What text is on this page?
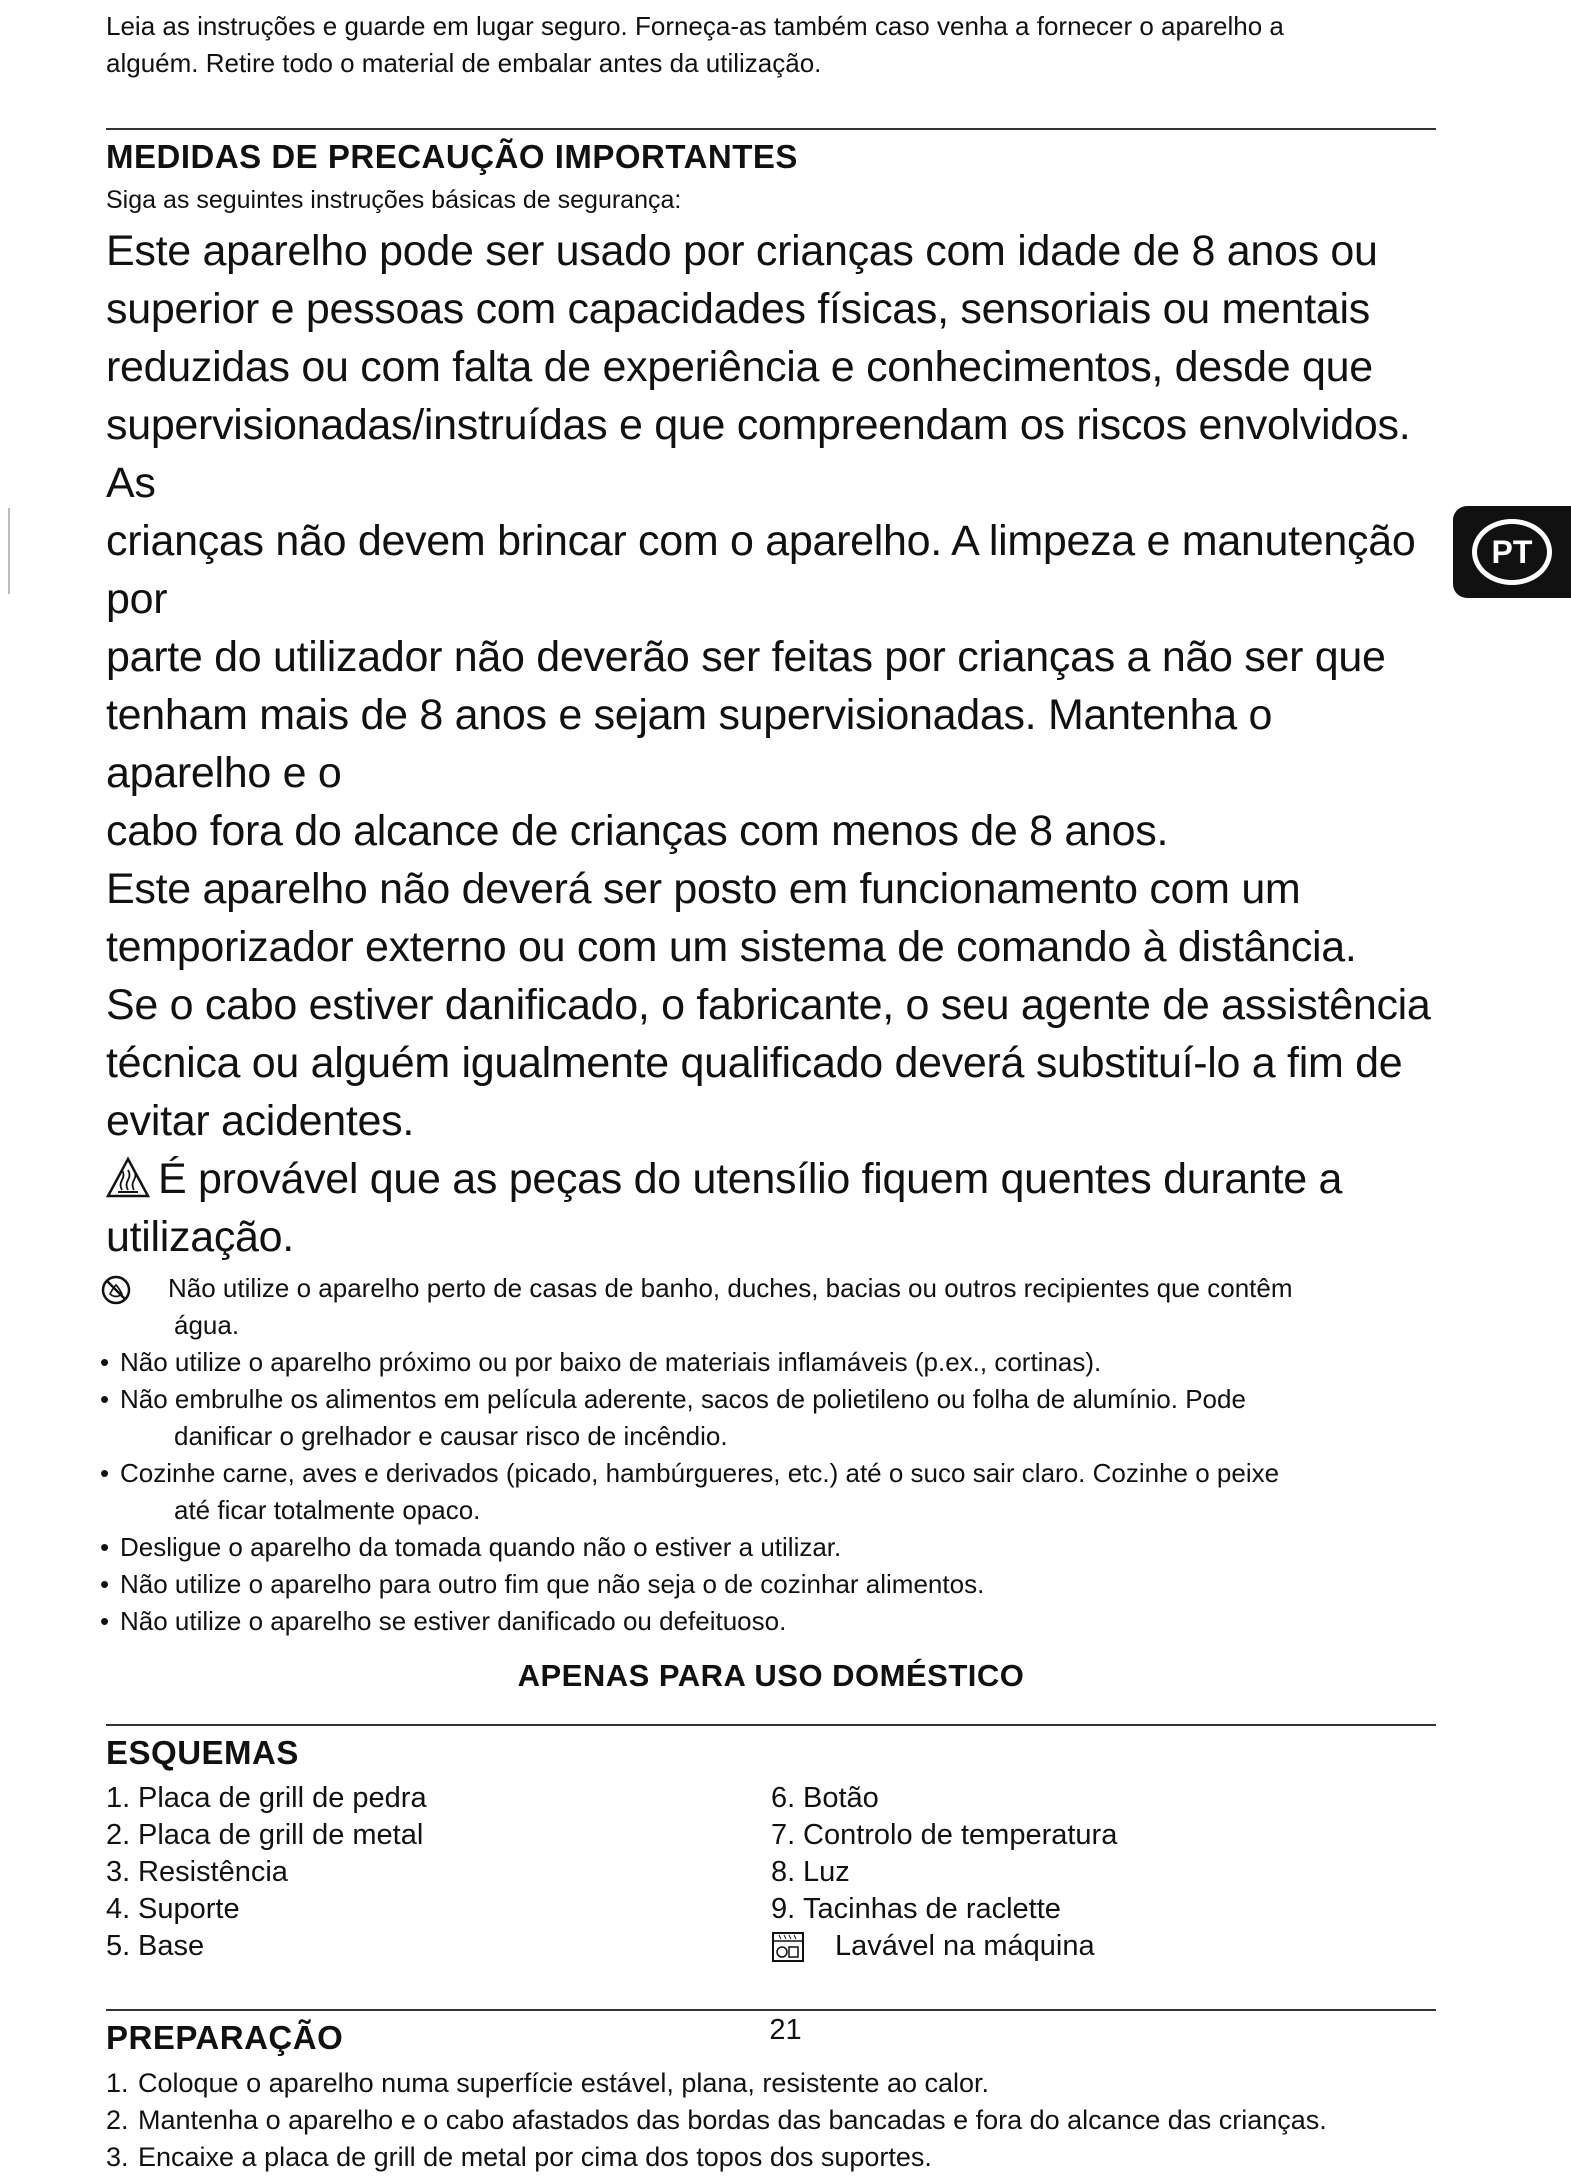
Leia as instruções e guarde em lugar seguro. Forneça-as também caso venha a fornecer o aparelho a

alguém. Retire todo o material de embalar antes da utilização.

MEDIDAS DE PRECAUÇÃO IMPORTANTES

Siga as seguintes instruções básicas de segurança:

Este aparelho pode ser usado por crianças com idade de 8 anos ou

superior e pessoas com capacidades físicas, sensoriais ou mentais

reduzidas ou com falta de experiência e conhecimentos, desde que

supervisionadas/instruídas e que compreendam os riscos envolvidos. As

crianças não devem brincar com o aparelho. A limpeza e manutenção por

parte do utilizador não deverão ser feitas por crianças a não ser que

tenham mais de 8 anos e sejam supervisionadas. Mantenha o aparelho e o

cabo fora do alcance de crianças com menos de 8 anos.

Este aparelho não deverá ser posto em funcionamento com um

temporizador externo ou com um sistema de comando à distância.

Se o cabo estiver danificado, o fabricante, o seu agente de assistência

técnica ou alguém igualmente qualificado deverá substituí-lo a fim de

evitar acidentes.

É provável que as peças do utensílio fiquem quentes durante a

utilização.

Não utilize o aparelho perto de casas de banho, duches, bacias ou outros recipientes que contêm
água.
• Não utilize o aparelho próximo ou por baixo de materiais inflamáveis (p.ex., cortinas).
• Não embrulhe os alimentos em película aderente, sacos de polietileno ou folha de alumínio. Pode
danificar o grelhador e causar risco de incêndio.
• Cozinhe carne, aves e derivados (picado, hambúrgueres, etc.) até o suco sair claro. Cozinhe o peixe
até ficar totalmente opaco.
• Desligue o aparelho da tomada quando não o estiver a utilizar.
• Não utilize o aparelho para outro fim que não seja o de cozinhar alimentos.
• Não utilize o aparelho se estiver danificado ou defeituoso.

APENAS PARA USO DOMÉSTICO

ESQUEMAS
1. Placa de grill de pedra
2. Placa de grill de metal
3. Resistência
4. Suporte
5. Base
6. Botão
7. Controlo de temperatura
8. Luz
9. Tacinhas de raclette
Lavável na máquina
PREPARAÇÃO
1. Coloque o aparelho numa superfície estável, plana, resistente ao calor.
2. Mantenha o aparelho e o cabo afastados das bordas das bancadas e fora do alcance das crianças.
3. Encaixe a placa de grill de metal por cima dos topos dos suportes.
PT
21
